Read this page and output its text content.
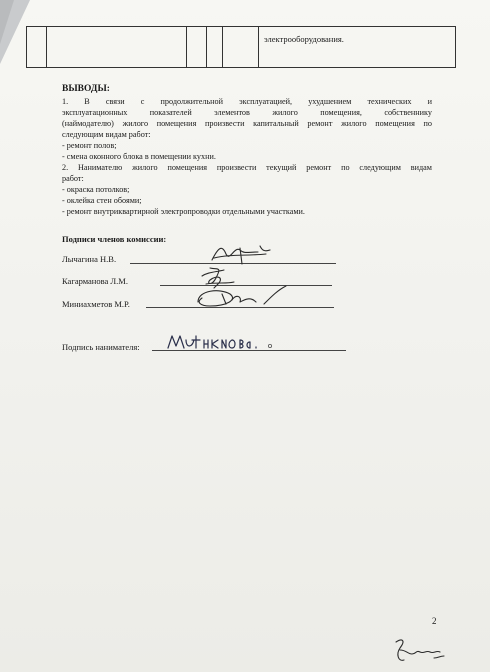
электрооборудования.
ВЫВОДЫ:

1. В связи с продолжительной эксплуатацией, ухудшением технических и

эксплуатационных показателей элементов жилого помещения, собственнику

(наймодателю) жилого помещения произвести капитальный ремонт жилого помещения по

следующим видам работ:

- ремонт полов;

- смена оконного блока в помещении кухни.

2. Нанимателю жилого помещения произвести текущий ремонт по следующим видам

работ:

- окраска потолков;

- оклейка стен обоями;

- ремонт внутриквартирной электропроводки отдельными участками.

Подписи членов комиссии:
Лычагина Н.В.
Кагарманова Л.М.
Миниахметов М.Р.
Подпись нанимателя:
2
